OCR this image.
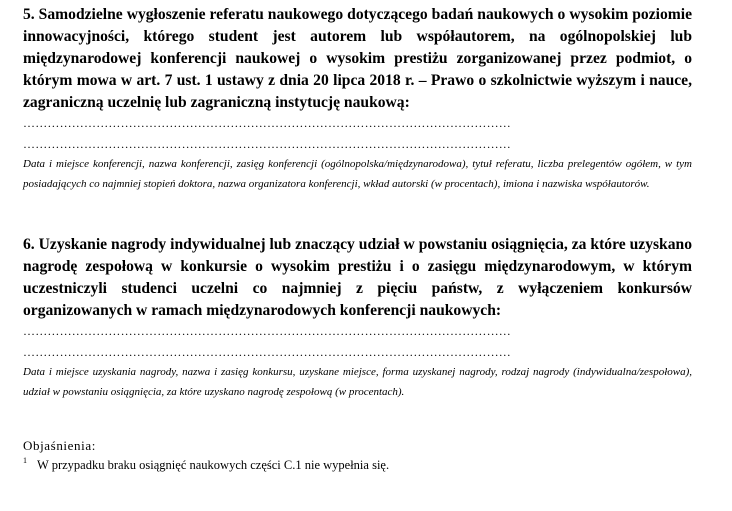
5. Samodzielne wygłoszenie referatu naukowego dotyczącego badań naukowych o wysokim poziomie innowacyjności, którego student jest autorem lub współautorem, na ogólnopolskiej lub międzynarodowej konferencji naukowej o wysokim prestiżu zorganizowanej przez podmiot, o którym mowa w art. 7 ust. 1 ustawy z dnia 20 lipca 2018 r. – Prawo o szkolnictwie wyższym i nauce, zagraniczną uczelnię lub zagraniczną instytucję naukową:

…………………………………………………………………………………………………………
…………………………………………………………………………………………………………

Data i miejsce konferencji, nazwa konferencji, zasięg konferencji (ogólnopolska/międzynarodowa), tytuł referatu, liczba prelegentów ogółem, w tym posiadających co najmniej stopień doktora, nazwa organizatora konferencji, wkład autorski (w procentach), imiona i nazwiska współautorów.

6. Uzyskanie nagrody indywidualnej lub znaczący udział w powstaniu osiągnięcia, za które uzyskano nagrodę zespołową w konkursie o wysokim prestiżu i o zasięgu międzynarodowym, w którym uczestniczyli studenci uczelni co najmniej z pięciu państw, z wyłączeniem konkursów organizowanych w ramach międzynarodowych konferencji naukowych:

…………………………………………………………………………………………………………
…………………………………………………………………………………………………………

Data i miejsce uzyskania nagrody, nazwa i zasięg konkursu, uzyskane miejsce, forma uzyskanej nagrody, rodzaj nagrody (indywidualna/zespołowa), udział w powstaniu osiągnięcia, za które uzyskano nagrodę zespołową (w procentach).

Objaśnienia:
$^1$ W przypadku braku osiągnięć naukowych części C.1 nie wypełnia się.
